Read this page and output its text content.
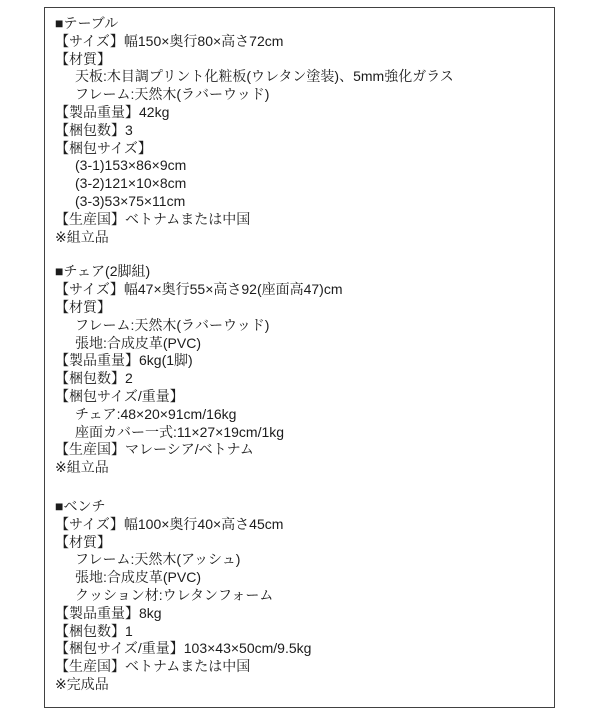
■テーブル
【サイズ】幅150×奥行80×高さ72cm
【材質】
天板:木目調プリント化粧板(ウレタン塗装)、5mm強化ガラス
フレーム:天然木(ラバーウッド)
【製品重量】42kg
【梱包数】3
【梱包サイズ】
(3-1)153×86×9cm
(3-2)121×10×8cm
(3-3)53×75×11cm
【生産国】ベトナムまたは中国
※組立品
■チェア(2脚組)
【サイズ】幅47×奥行55×高さ92(座面高47)cm
【材質】
フレーム:天然木(ラバーウッド)
張地:合成皮革(PVC)
【製品重量】6kg(1脚)
【梱包数】2
【梱包サイズ/重量】
チェア:48×20×91cm/16kg
座面カバー一式:11×27×19cm/1kg
【生産国】マレーシア/ベトナム
※組立品
■ベンチ
【サイズ】幅100×奥行40×高さ45cm
【材質】
フレーム:天然木(アッシュ)
張地:合成皮革(PVC)
クッション材:ウレタンフォーム
【製品重量】8kg
【梱包数】1
【梱包サイズ/重量】103×43×50cm/9.5kg
【生産国】ベトナムまたは中国
※完成品
